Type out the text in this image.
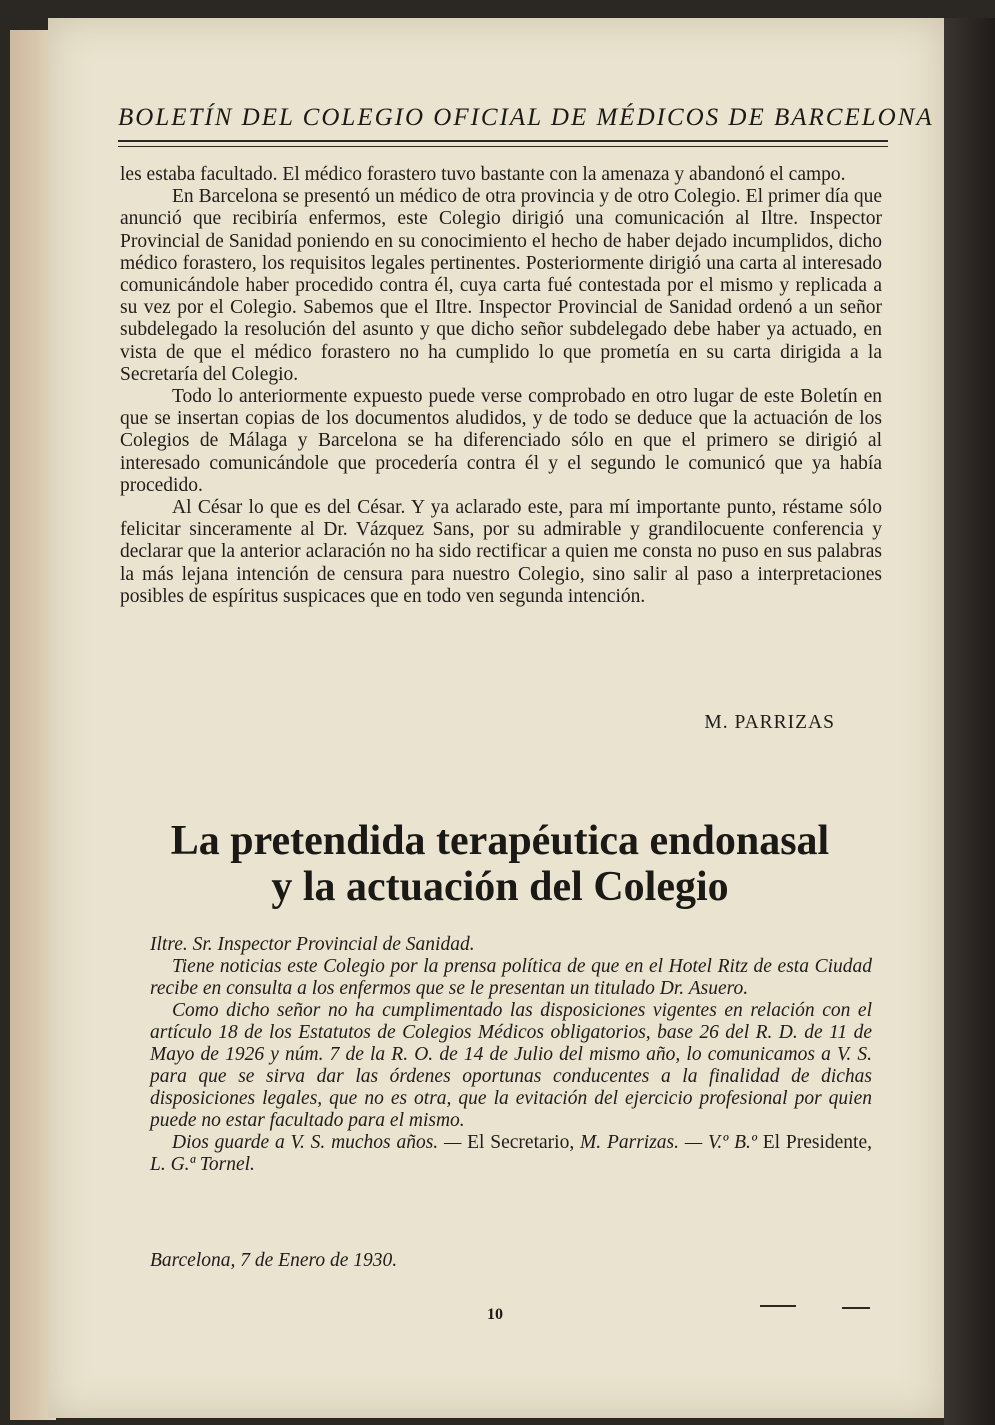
BOLETÍN DEL COLEGIO OFICIAL DE MÉDICOS DE BARCELONA

les estaba facultado. El médico forastero tuvo bastante con la amenaza y abandonó el campo.

En Barcelona se presentó un médico de otra provincia y de otro Colegio. El primer día que anunció que recibiría enfermos, este Colegio dirigió una comunicación al Iltre. Inspector Provincial de Sanidad poniendo en su conocimiento el hecho de haber dejado incumplidos, dicho médico forastero, los requisitos legales pertinentes. Posteriormente dirigió una carta al interesado comunicándole haber procedido contra él, cuya carta fué contestada por el mismo y replicada a su vez por el Colegio. Sabemos que el Iltre. Inspector Provincial de Sanidad ordenó a un señor subdelegado la resolución del asunto y que dicho señor subdelegado debe haber ya actuado, en vista de que el médico forastero no ha cumplido lo que prometía en su carta dirigida a la Secretaría del Colegio.

Todo lo anteriormente expuesto puede verse comprobado en otro lugar de este Boletín en que se insertan copias de los documentos aludidos, y de todo se deduce que la actuación de los Colegios de Málaga y Barcelona se ha diferenciado sólo en que el primero se dirigió al interesado comunicándole que procedería contra él y el segundo le comunicó que ya había procedido.

Al César lo que es del César. Y ya aclarado este, para mí importante punto, réstame sólo felicitar sinceramente al Dr. Vázquez Sans, por su admirable y grandilocuente conferencia y declarar que la anterior aclaración no ha sido rectificar a quien me consta no puso en sus palabras la más lejana intención de censura para nuestro Colegio, sino salir al paso a interpretaciones posibles de espíritus suspicaces que en todo ven segunda intención.

M. PARRIZAS
La pretendida terapéutica endonasal
y la actuación del Colegio

Iltre. Sr. Inspector Provincial de Sanidad.

Tiene noticias este Colegio por la prensa política de que en el Hotel Ritz de esta Ciudad recibe en consulta a los enfermos que se le presentan un titulado Dr. Asuero.

Como dicho señor no ha cumplimentado las disposiciones vigentes en relación con el artículo 18 de los Estatutos de Colegios Médicos obligatorios, base 26 del R. D. de 11 de Mayo de 1926 y núm. 7 de la R. O. de 14 de Julio del mismo año, lo comunicamos a V. S. para que se sirva dar las órdenes oportunas conducentes a la finalidad de dichas disposiciones legales, que no es otra, que la evitación del ejercicio profesional por quien puede no estar facultado para el mismo.

Dios guarde a V. S. muchos años. — El Secretario, M. Parrizas. — V.º B.º El Presidente, L. G.ª Tornel.

Barcelona, 7 de Enero de 1930.
10
